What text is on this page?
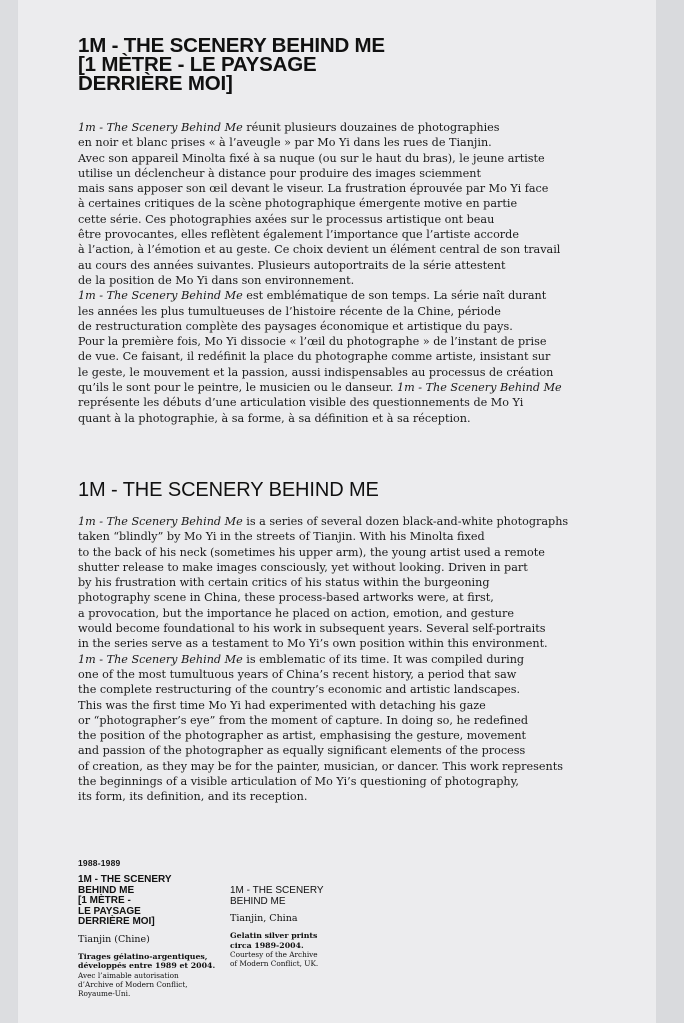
1M - THE SCENERY BEHIND ME
[1 MÈTRE - LE PAYSAGE
DERRIÈRE MOI]

1m - The Scenery Behind Me réunit plusieurs douzaines de photographies
en noir et blanc prises « à l’aveugle » par Mo Yi dans les rues de Tianjin.
Avec son appareil Minolta fixé à sa nuque (ou sur le haut du bras), le jeune artiste
utilise un déclencheur à distance pour produire des images sciemment
mais sans apposer son œil devant le viseur. La frustration éprouvée par Mo Yi face
à certaines critiques de la scène photographique émergente motive en partie
cette série. Ces photographies axées sur le processus artistique ont beau
être provocantes, elles reflètent également l’importance que l’artiste accorde
à l’action, à l’émotion et au geste. Ce choix devient un élément central de son travail
au cours des années suivantes. Plusieurs autoportraits de la série attestent
de la position de Mo Yi dans son environnement.

1m - The Scenery Behind Me est emblématique de son temps. La série naît durant
les années les plus tumultueuses de l’histoire récente de la Chine, période
de restructuration complète des paysages économique et artistique du pays.
Pour la première fois, Mo Yi dissocie « l’œil du photographe » de l’instant de prise
de vue. Ce faisant, il redéfinit la place du photographe comme artiste, insistant sur
le geste, le mouvement et la passion, aussi indispensables au processus de création
qu’ils le sont pour le peintre, le musicien ou le danseur. 1m - The Scenery Behind Me
représente les débuts d’une articulation visible des questionnements de Mo Yi
quant à la photographie, à sa forme, à sa définition et à sa réception.

1M - THE SCENERY BEHIND ME

1m - The Scenery Behind Me is a series of several dozen black-and-white photographs
taken “blindly” by Mo Yi in the streets of Tianjin. With his Minolta fixed
to the back of his neck (sometimes his upper arm), the young artist used a remote
shutter release to make images consciously, yet without looking. Driven in part
by his frustration with certain critics of his status within the burgeoning
photography scene in China, these process-based artworks were, at first,
a provocation, but the importance he placed on action, emotion, and gesture
would become foundational to his work in subsequent years. Several self-portraits
in the series serve as a testament to Mo Yi’s own position within this environment.

1m - The Scenery Behind Me is emblematic of its time. It was compiled during
one of the most tumultuous years of China’s recent history, a period that saw
the complete restructuring of the country’s economic and artistic landscapes.
This was the first time Mo Yi had experimented with detaching his gaze
or “photographer’s eye” from the moment of capture. In doing so, he redefined
the position of the photographer as artist, emphasising the gesture, movement
and passion of the photographer as equally significant elements of the process
of creation, as they may be for the painter, musician, or dancer. This work represents
the beginnings of a visible articulation of Mo Yi’s questioning of photography,
its form, its definition, and its reception.

1988-1989
1M - THE SCENERY
BEHIND ME
[1 MÈTRE -
LE PAYSAGE
DERRIÈRE MOI]
Tianjin (Chine)
Tirages gélatino-argentiques,
développés entre 1989 et 2004.
Avec l’aimable autorisation
d’Archive of Modern Conflict,
Royaume-Uni.
1M - THE SCENERY
BEHIND ME
Tianjin, China
Gelatin silver prints
circa 1989-2004.
Courtesy of the Archive
of Modern Conflict, UK.
